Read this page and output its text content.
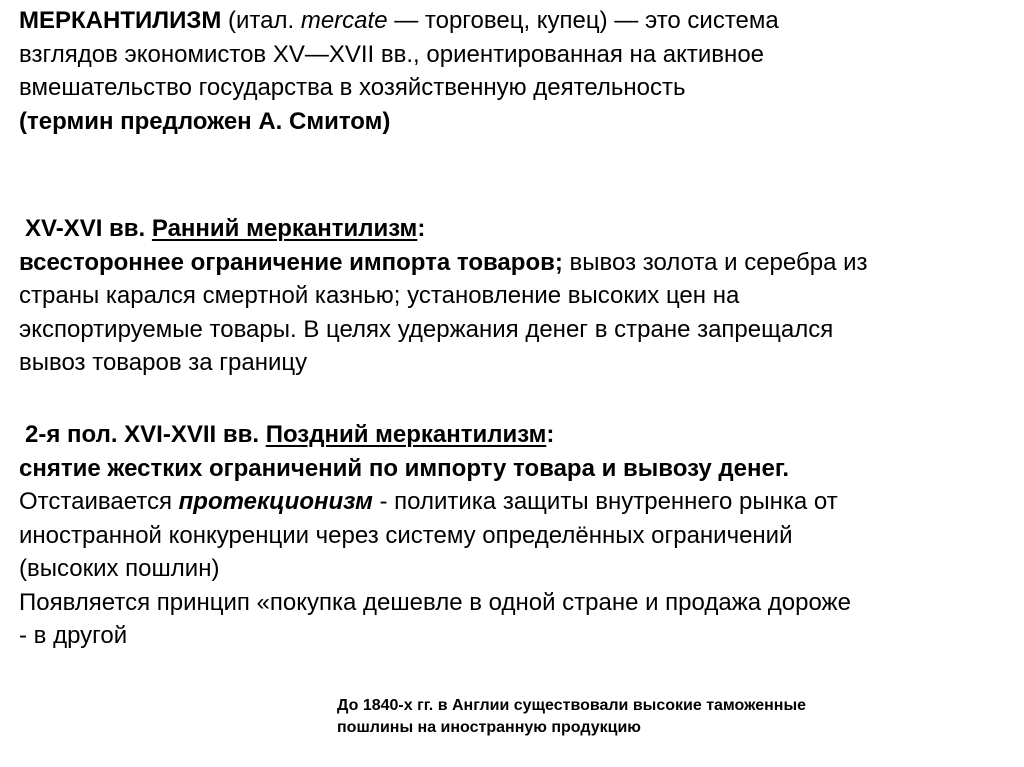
МЕРКАНТИЛИЗМ (итал. mercate — торговец, купец) — это система
взглядов экономистов XV—XVII вв., ориентированная на активное
вмешательство государства в хозяйственную деятельность
(термин предложен А. Смитом)
XV-XVI вв. Ранний меркантилизм:
всестороннее ограничение импорта товаров; вывоз золота и серебра из
страны карался смертной казнью; установление высоких цен на
экспортируемые товары. В целях удержания денег в стране запрещался
вывоз товаров за границу
2-я пол. XVI-XVII вв. Поздний меркантилизм:
снятие жестких ограничений по импорту товара и вывозу денег.
Отстаивается протекционизм - политика защиты внутреннего рынка от
иностранной конкуренции через систему определённых ограничений
(высоких пошлин)
Появляется принцип «покупка дешевле в одной стране и продажа дороже
- в другой
До 1840-х гг. в Англии существовали высокие таможенные
пошлины на иностранную продукцию
